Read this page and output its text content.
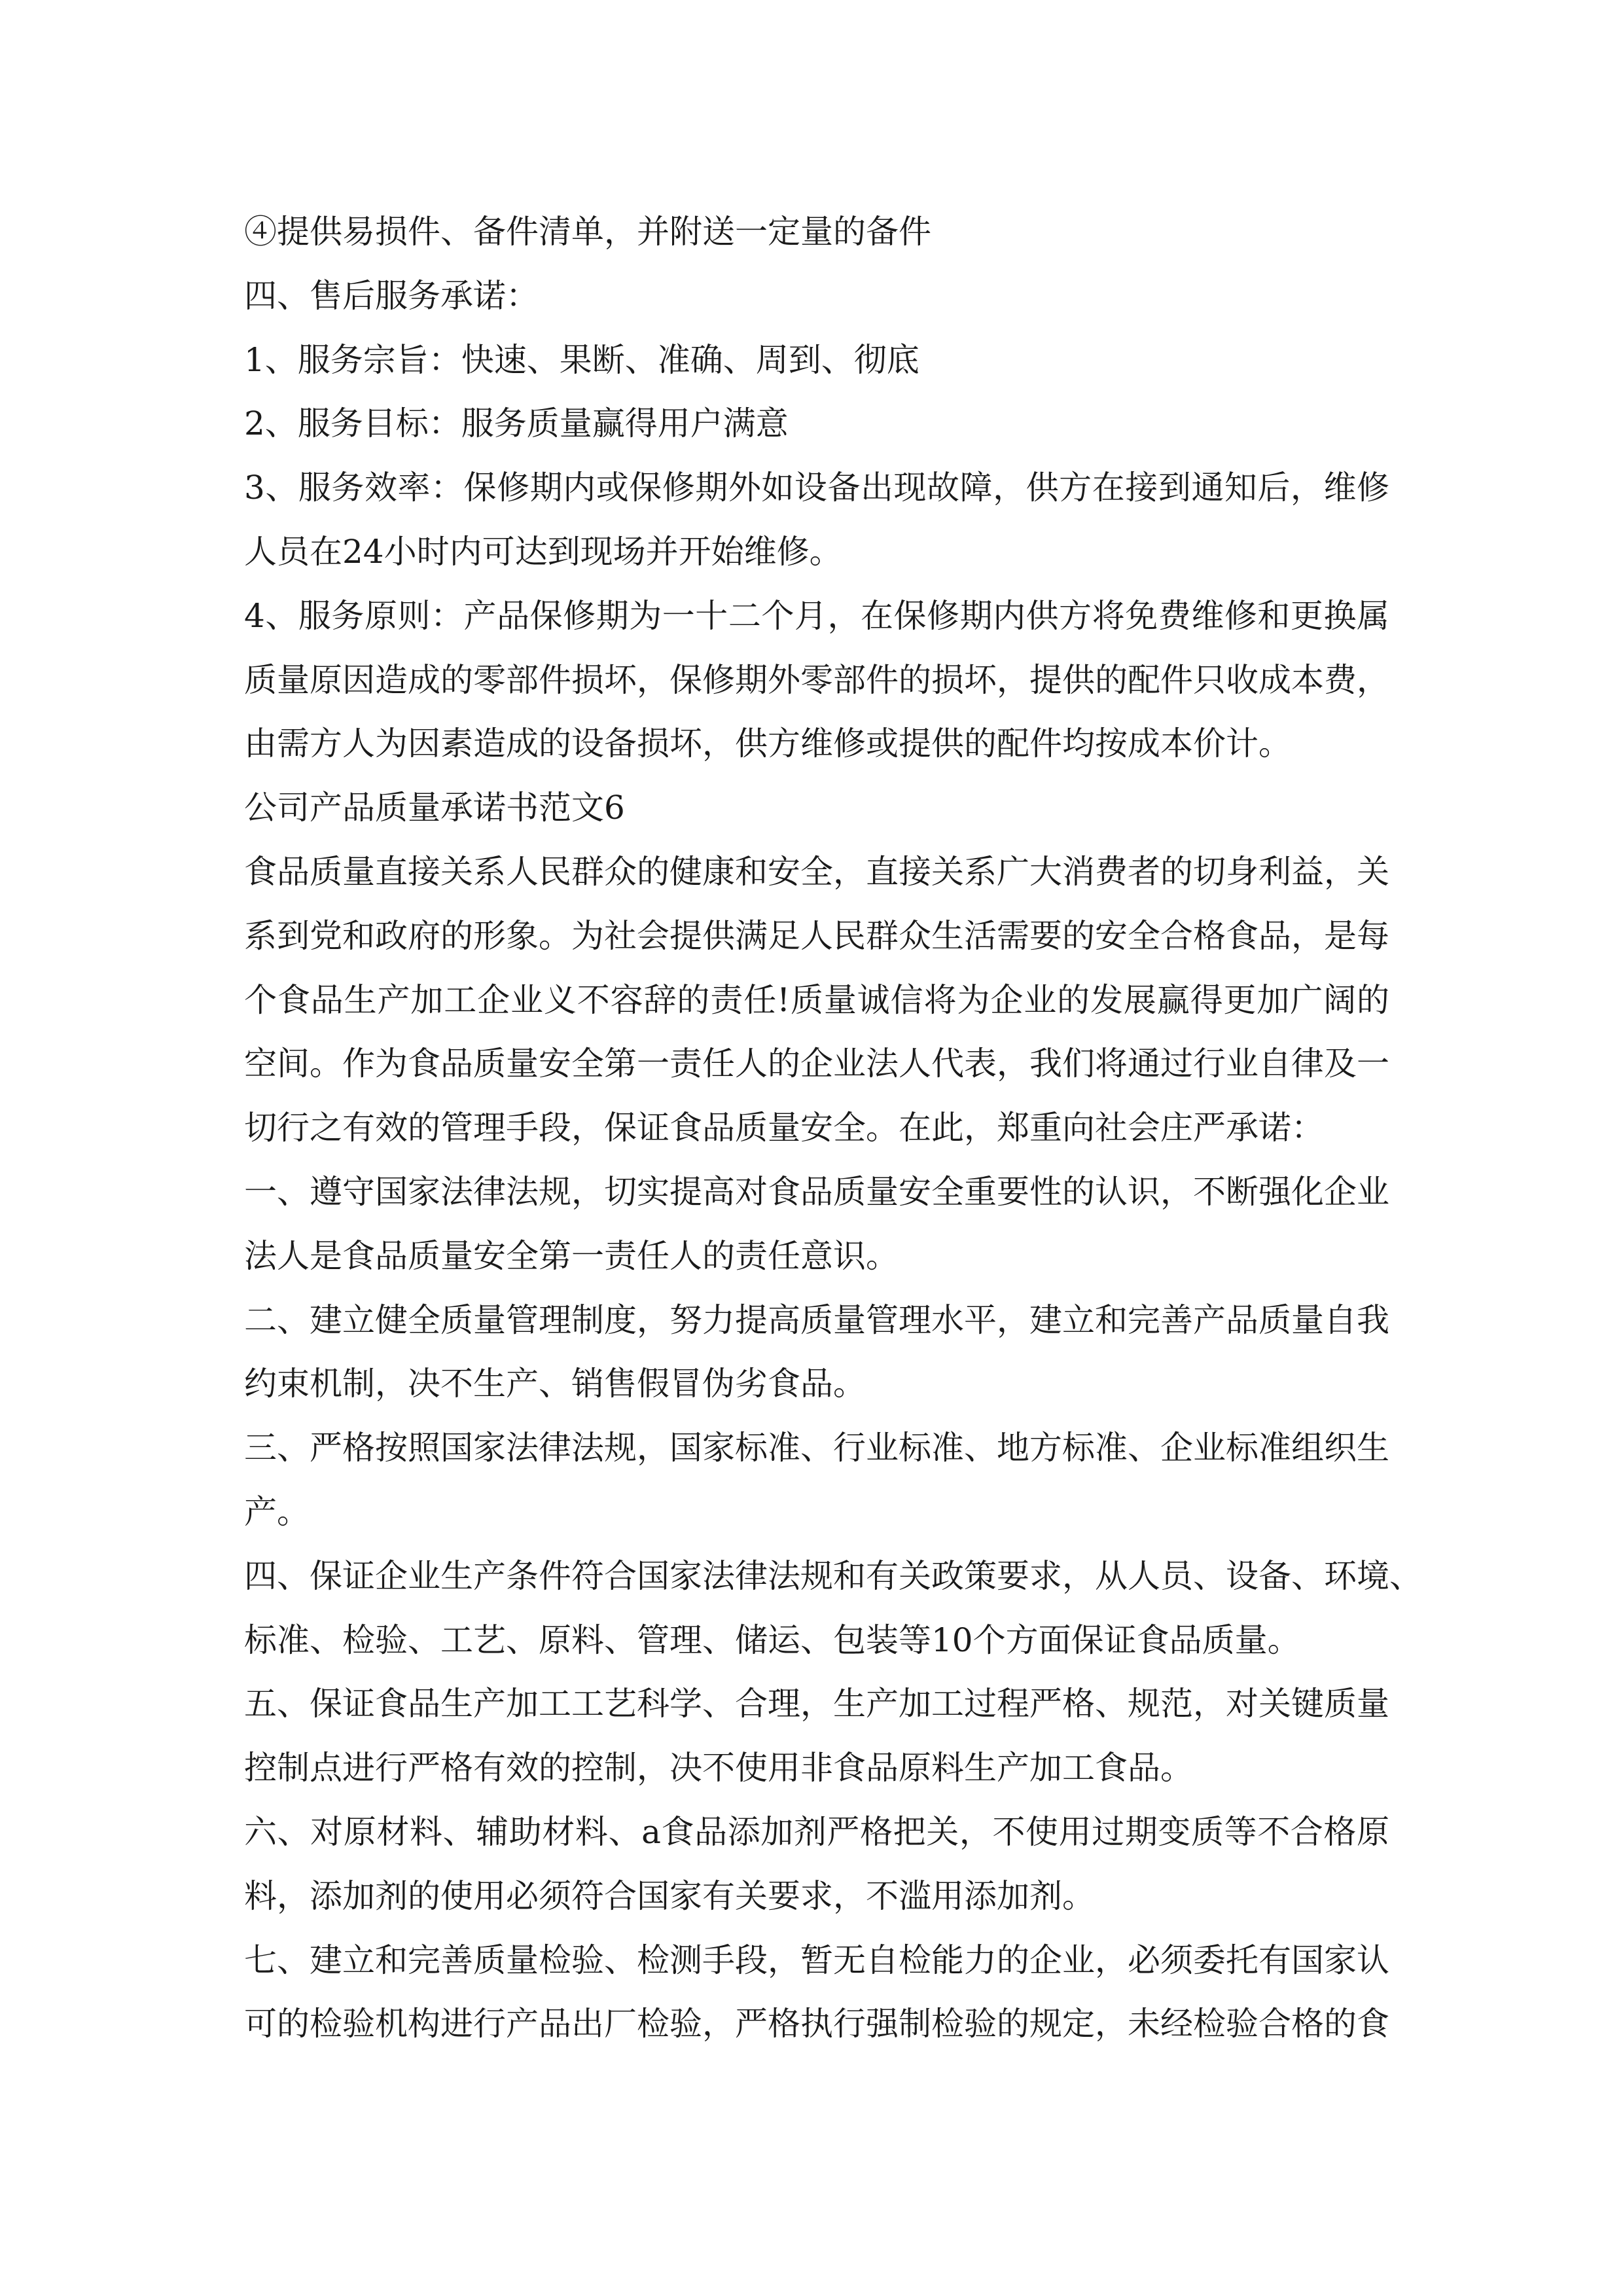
④提供易损件、备件清单，并附送一定量的备件
四、售后服务承诺：
1、服务宗旨：快速、果断、准确、周到、彻底
2、服务目标：服务质量赢得用户满意
3、服务效率：保修期内或保修期外如设备出现故障，供方在接到通知后，维修
人员在24小时内可达到现场并开始维修。
4、服务原则：产品保修期为一十二个月，在保修期内供方将免费维修和更换属
质量原因造成的零部件损坏，保修期外零部件的损坏，提供的配件只收成本费，
由需方人为因素造成的设备损坏，供方维修或提供的配件均按成本价计。
公司产品质量承诺书范文6
食品质量直接关系人民群众的健康和安全，直接关系广大消费者的切身利益，关
系到党和政府的形象。为社会提供满足人民群众生活需要的安全合格食品，是每
个食品生产加工企业义不容辞的责任!质量诚信将为企业的发展赢得更加广阔的
空间。作为食品质量安全第一责任人的企业法人代表，我们将通过行业自律及一
切行之有效的管理手段，保证食品质量安全。在此，郑重向社会庄严承诺：
一、遵守国家法律法规，切实提高对食品质量安全重要性的认识，不断强化企业
法人是食品质量安全第一责任人的责任意识。
二、建立健全质量管理制度，努力提高质量管理水平，建立和完善产品质量自我
约束机制，决不生产、销售假冒伪劣食品。
三、严格按照国家法律法规，国家标准、行业标准、地方标准、企业标准组织生
产。
四、保证企业生产条件符合国家法律法规和有关政策要求，从人员、设备、环境、
标准、检验、工艺、原料、管理、储运、包装等10个方面保证食品质量。
五、保证食品生产加工工艺科学、合理，生产加工过程严格、规范，对关键质量
控制点进行严格有效的控制，决不使用非食品原料生产加工食品。
六、对原材料、辅助材料、a食品添加剂严格把关，不使用过期变质等不合格原
料，添加剂的使用必须符合国家有关要求，不滥用添加剂。
七、建立和完善质量检验、检测手段，暂无自检能力的企业，必须委托有国家认
可的检验机构进行产品出厂检验，严格执行强制检验的规定，未经检验合格的食
